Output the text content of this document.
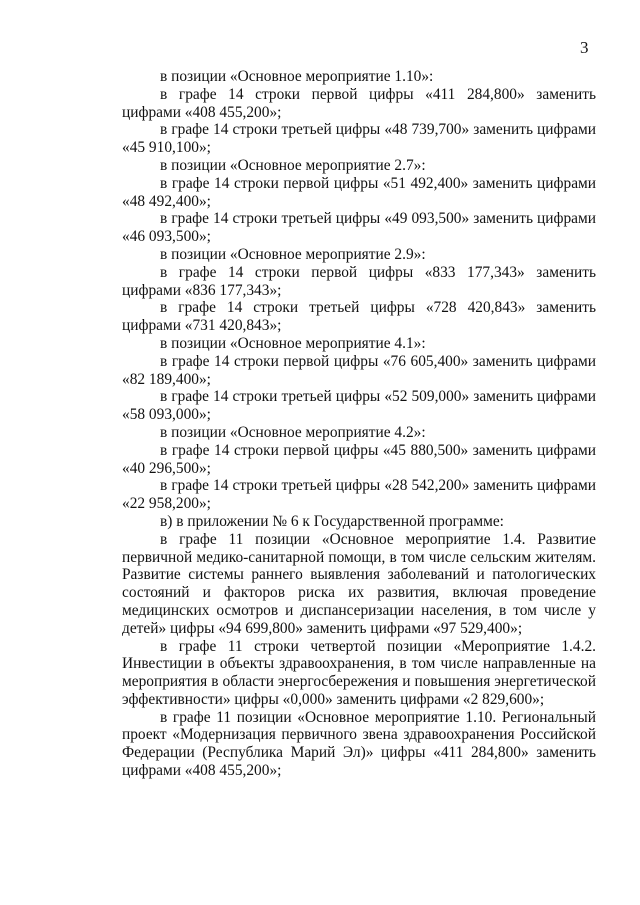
3

в позиции «Основное мероприятие 1.10»:

в графе 14 строки первой цифры «411 284,800» заменить цифрами «408 455,200»;

в графе 14 строки третьей цифры «48 739,700» заменить цифрами «45 910,100»;

в позиции «Основное мероприятие 2.7»:

в графе 14 строки первой цифры «51 492,400» заменить цифрами «48 492,400»;

в графе 14 строки третьей цифры «49 093,500» заменить цифрами «46 093,500»;

в позиции «Основное мероприятие 2.9»:

в графе 14 строки первой цифры «833 177,343» заменить цифрами «836 177,343»;

в графе 14 строки третьей цифры «728 420,843» заменить цифрами «731 420,843»;

в позиции «Основное мероприятие 4.1»:

в графе 14 строки первой цифры «76 605,400» заменить цифрами «82 189,400»;

в графе 14 строки третьей цифры «52 509,000» заменить цифрами «58 093,000»;

в позиции «Основное мероприятие 4.2»:

в графе 14 строки первой цифры «45 880,500» заменить цифрами «40 296,500»;

в графе 14 строки третьей цифры «28 542,200» заменить цифрами «22 958,200»;

в) в приложении № 6 к Государственной программе:

в графе 11 позиции «Основное мероприятие 1.4. Развитие первичной медико-санитарной помощи, в том числе сельским жителям. Развитие системы раннего выявления заболеваний и патологических состояний и факторов риска их развития, включая проведение медицинских осмотров и диспансеризации населения, в том числе у детей» цифры «94 699,800» заменить цифрами «97 529,400»;

в графе 11 строки четвертой позиции «Мероприятие 1.4.2. Инвестиции в объекты здравоохранения, в том числе направленные на мероприятия в области энергосбережения и повышения энергетической эффективности» цифры «0,000» заменить цифрами «2 829,600»;

в графе 11 позиции «Основное мероприятие 1.10. Региональный проект «Модернизация первичного звена здравоохранения Российской Федерации (Республика Марий Эл)» цифры «411 284,800» заменить цифрами «408 455,200»;
